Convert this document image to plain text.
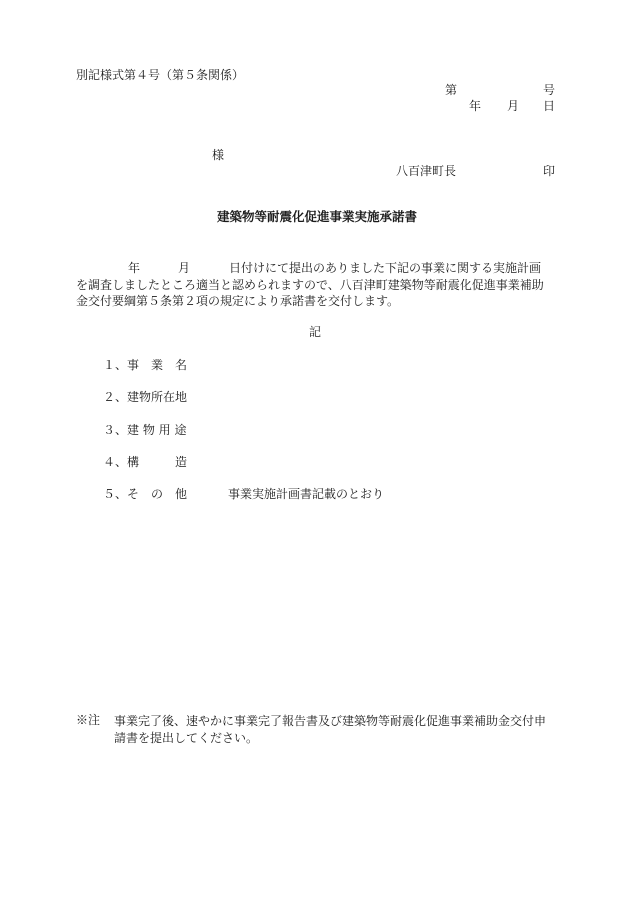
別記様式第４号（第５条関係）
第	号
年 月 日
様
八百津町長	印
建築物等耐震化促進事業実施承諾書
年	月	日付けにて提出のありました下記の事業に関する実施計画
を調査しましたところ適当と認められますので、八百津町建築物等耐震化促進事業補助
金交付要綱第５条第２項の規定により承諾書を交付します。
記
１、事　業　名
２、建物所在地
３、建 物 用 途
４、構　　　造
５、そ　の　他	事業実施計画書記載のとおり
※注 事業完了後、速やかに事業完了報告書及び建築物等耐震化促進事業補助金交付申
請書を提出してください。
